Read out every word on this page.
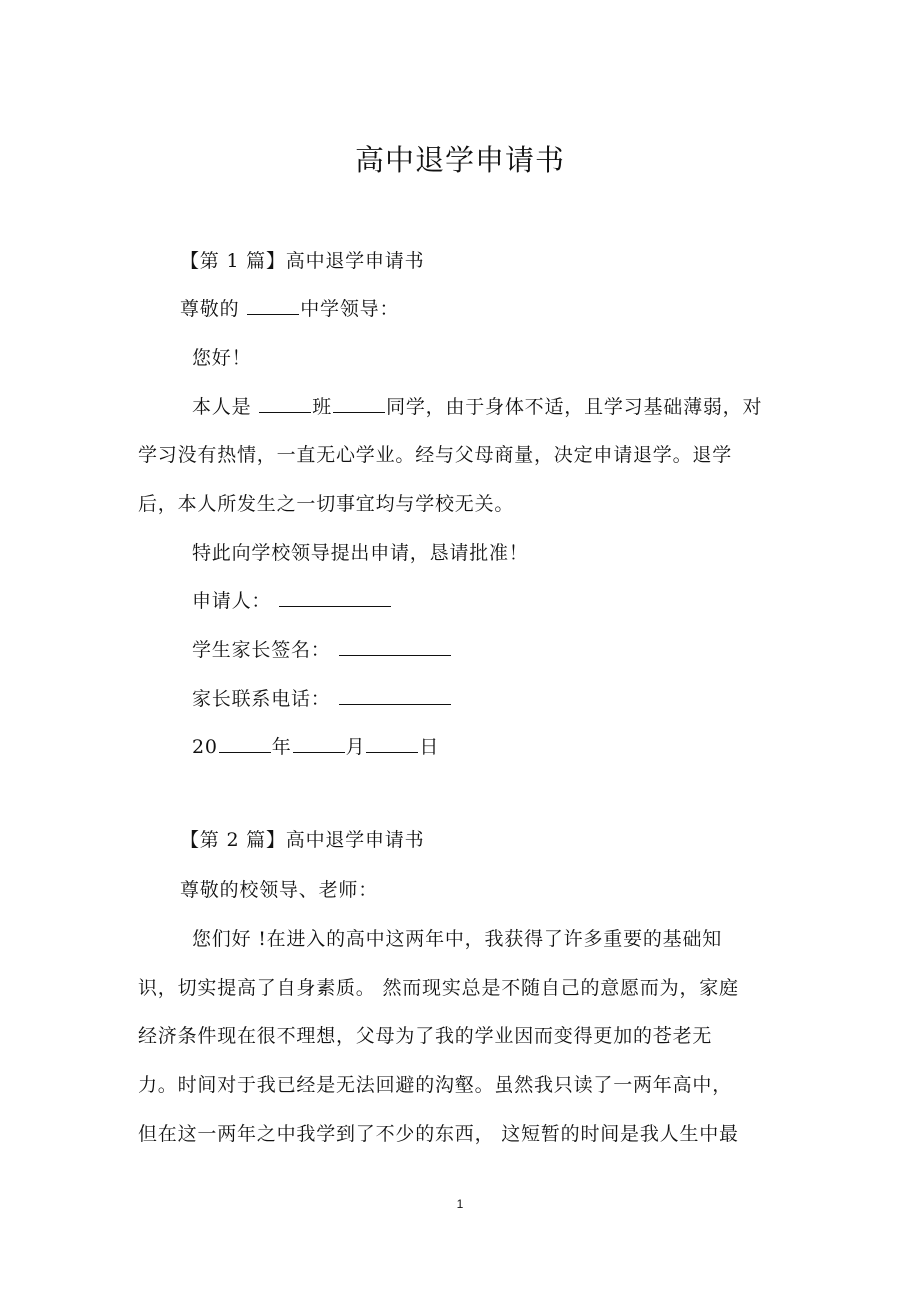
高中退学申请书
【第 1 篇】高中退学申请书
尊敬的	中学领导：
您好！
本人是	班	同学，由于身体不适，且学习基础薄弱，对
学习没有热情，一直无心学业。经与父母商量，决定申请退学。退学
后，本人所发生之一切事宜均与学校无关。
特此向学校领导提出申请，恳请批准！
申请人：
学生家长签名：
家长联系电话：
20	年	月	日
【第 2 篇】高中退学申请书
尊敬的校领导、老师：
您们好 !在进入的高中这两年中，我获得了许多重要的基础知
识，切实提高了自身素质。 然而现实总是不随自己的意愿而为，家庭
经济条件现在很不理想，父母为了我的学业因而变得更加的苍老无
力。时间对于我已经是无法回避的沟壑。虽然我只读了一两年高中，
但在这一两年之中我学到了不少的东西， 这短暂的时间是我人生中最
1
